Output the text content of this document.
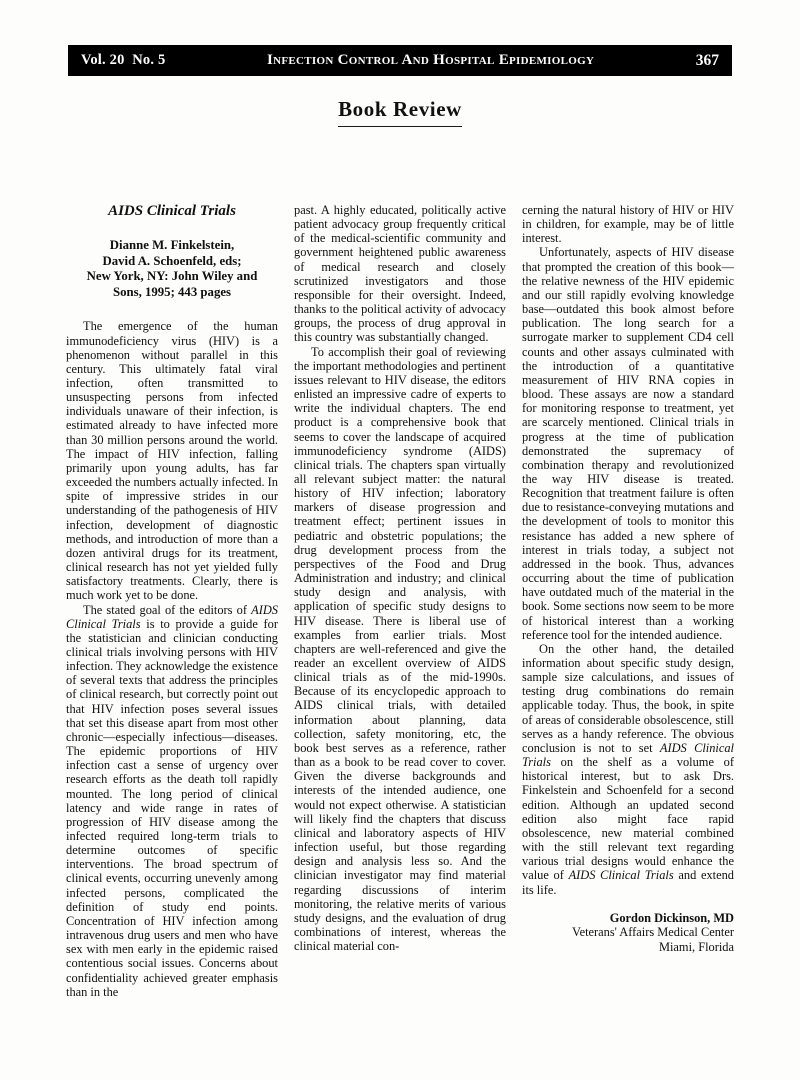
Vol. 20  No. 5	Infection Control And Hospital Epidemiology	367
Book Review
AIDS Clinical Trials
Dianne M. Finkelstein,
David A. Schoenfeld, eds;
New York, NY: John Wiley and
Sons, 1995; 443 pages

The emergence of the human immunodeficiency virus (HIV) is a phenomenon without parallel in this century. This ultimately fatal viral infection, often transmitted to unsuspecting persons from infected individuals unaware of their infection, is estimated already to have infected more than 30 million persons around the world. The impact of HIV infection, falling primarily upon young adults, has far exceeded the numbers actually infected. In spite of impressive strides in our understanding of the pathogenesis of HIV infection, development of diagnostic methods, and introduction of more than a dozen antiviral drugs for its treatment, clinical research has not yet yielded fully satisfactory treatments. Clearly, there is much work yet to be done.

The stated goal of the editors of AIDS Clinical Trials is to provide a guide for the statistician and clinician conducting clinical trials involving persons with HIV infection. They acknowledge the existence of several texts that address the principles of clinical research, but correctly point out that HIV infection poses several issues that set this disease apart from most other chronic—especially infectious—diseases. The epidemic proportions of HIV infection cast a sense of urgency over research efforts as the death toll rapidly mounted. The long period of clinical latency and wide range in rates of progression of HIV disease among the infected required long-term trials to determine outcomes of specific interventions. The broad spectrum of clinical events, occurring unevenly among infected persons, complicated the definition of study end points. Concentration of HIV infection among intravenous drug users and men who have sex with men early in the epidemic raised contentious social issues. Concerns about confidentiality achieved greater emphasis than in the

past. A highly educated, politically active patient advocacy group frequently critical of the medical-scientific community and government heightened public awareness of medical research and closely scrutinized investigators and those responsible for their oversight. Indeed, thanks to the political activity of advocacy groups, the process of drug approval in this country was substantially changed.

To accomplish their goal of reviewing the important methodologies and pertinent issues relevant to HIV disease, the editors enlisted an impressive cadre of experts to write the individual chapters. The end product is a comprehensive book that seems to cover the landscape of acquired immunodeficiency syndrome (AIDS) clinical trials. The chapters span virtually all relevant subject matter: the natural history of HIV infection; laboratory markers of disease progression and treatment effect; pertinent issues in pediatric and obstetric populations; the drug development process from the perspectives of the Food and Drug Administration and industry; and clinical study design and analysis, with application of specific study designs to HIV disease. There is liberal use of examples from earlier trials. Most chapters are well-referenced and give the reader an excellent overview of AIDS clinical trials as of the mid-1990s. Because of its encyclopedic approach to AIDS clinical trials, with detailed information about planning, data collection, safety monitoring, etc, the book best serves as a reference, rather than as a book to be read cover to cover. Given the diverse backgrounds and interests of the intended audience, one would not expect otherwise. A statistician will likely find the chapters that discuss clinical and laboratory aspects of HIV infection useful, but those regarding design and analysis less so. And the clinician investigator may find material regarding discussions of interim monitoring, the relative merits of various study designs, and the evaluation of drug combinations of interest, whereas the clinical material con-

cerning the natural history of HIV or HIV in children, for example, may be of little interest.

Unfortunately, aspects of HIV disease that prompted the creation of this book—the relative newness of the HIV epidemic and our still rapidly evolving knowledge base—outdated this book almost before publication. The long search for a surrogate marker to supplement CD4 cell counts and other assays culminated with the introduction of a quantitative measurement of HIV RNA copies in blood. These assays are now a standard for monitoring response to treatment, yet are scarcely mentioned. Clinical trials in progress at the time of publication demonstrated the supremacy of combination therapy and revolutionized the way HIV disease is treated. Recognition that treatment failure is often due to resistance-conveying mutations and the development of tools to monitor this resistance has added a new sphere of interest in trials today, a subject not addressed in the book. Thus, advances occurring about the time of publication have outdated much of the material in the book. Some sections now seem to be more of historical interest than a working reference tool for the intended audience.

On the other hand, the detailed information about specific study design, sample size calculations, and issues of testing drug combinations do remain applicable today. Thus, the book, in spite of areas of considerable obsolescence, still serves as a handy reference. The obvious conclusion is not to set AIDS Clinical Trials on the shelf as a volume of historical interest, but to ask Drs. Finkelstein and Schoenfeld for a second edition. Although an updated second edition also might face rapid obsolescence, new material combined with the still relevant text regarding various trial designs would enhance the value of AIDS Clinical Trials and extend its life.

Gordon Dickinson, MD
Veterans' Affairs Medical Center
Miami, Florida
